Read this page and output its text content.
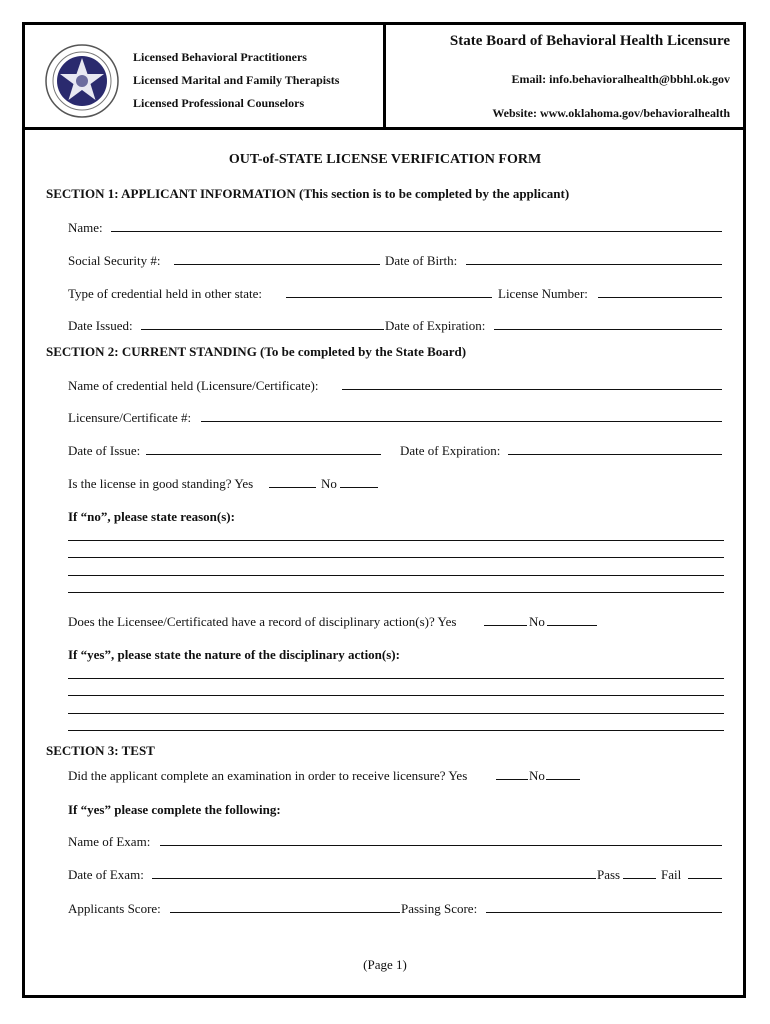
Licensed Behavioral Practitioners
Licensed Marital and Family Therapists
Licensed Professional Counselors
State Board of Behavioral Health Licensure
Email: info.behavioralhealth@bbhl.ok.gov
Website: www.oklahoma.gov/behavioralhealth
OUT-of-STATE LICENSE VERIFICATION FORM
SECTION 1: APPLICANT INFORMATION (This section is to be completed by the applicant)
Name:
Social Security #:	Date of Birth:
Type of credential held in other state:	License Number:
Date Issued:	Date of Expiration:
SECTION 2: CURRENT STANDING (To be completed by the State Board)
Name of credential held (Licensure/Certificate):
Licensure/Certificate #:
Date of Issue:	Date of Expiration:
Is the license in good standing? Yes	No
If “no”, please state reason(s):
Does the Licensee/Certificated have a record of disciplinary action(s)? Yes	No
If “yes”, please state the nature of the disciplinary action(s):
SECTION 3: TEST
Did the applicant complete an examination in order to receive licensure? Yes	No
If “yes” please complete the following:
Name of Exam:
Date of Exam:	Pass	Fail
Applicants Score:	Passing Score:
(Page 1)
